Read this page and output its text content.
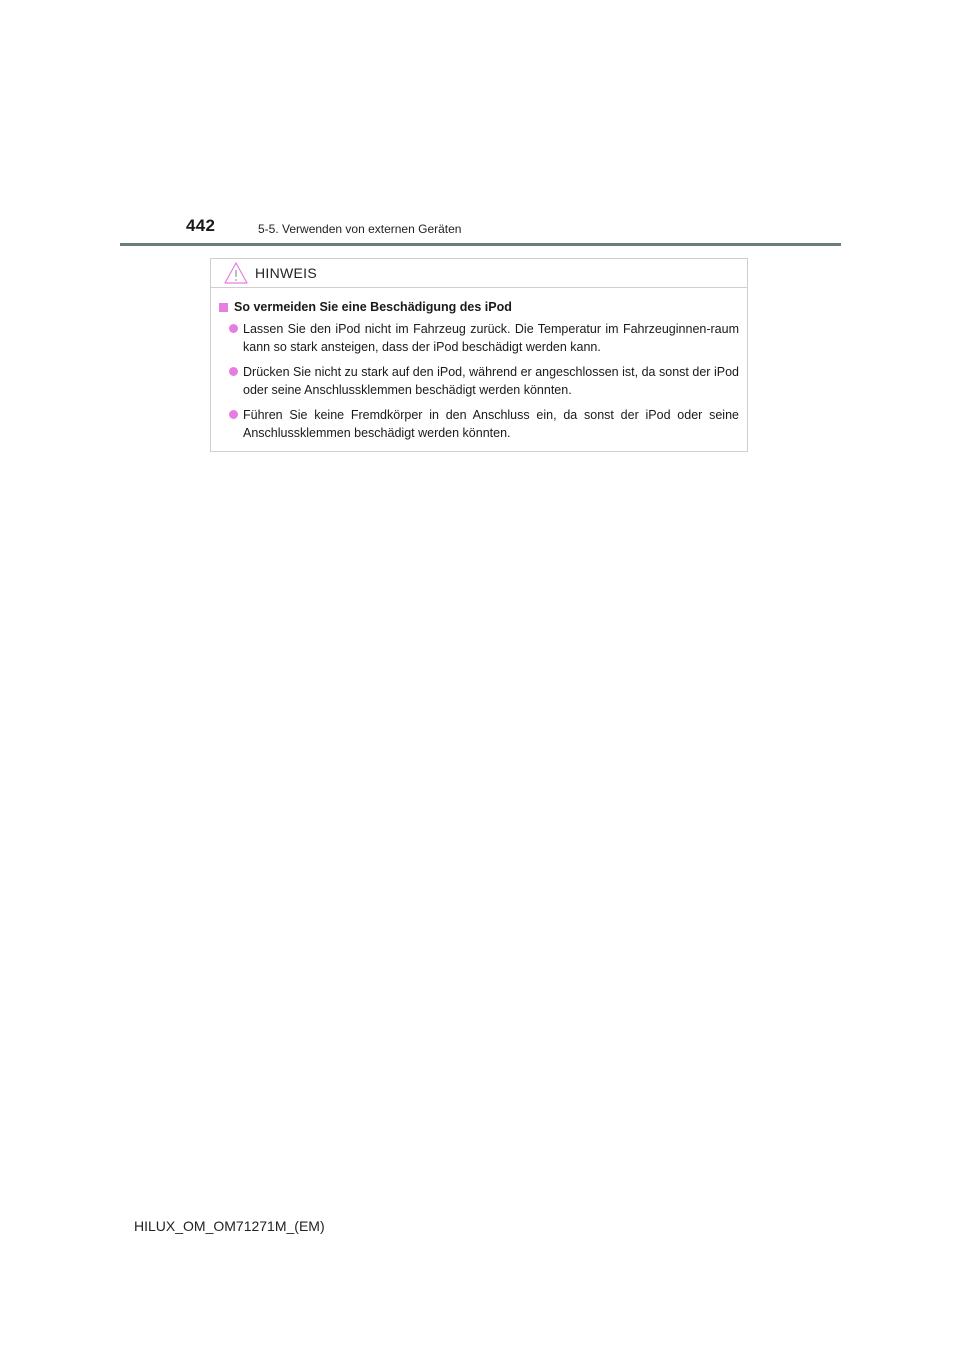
442	5-5. Verwenden von externen Geräten
HINWEIS
So vermeiden Sie eine Beschädigung des iPod
Lassen Sie den iPod nicht im Fahrzeug zurück. Die Temperatur im Fahrzeuginnen-raum kann so stark ansteigen, dass der iPod beschädigt werden kann.
Drücken Sie nicht zu stark auf den iPod, während er angeschlossen ist, da sonst der iPod oder seine Anschlussklemmen beschädigt werden könnten.
Führen Sie keine Fremdkörper in den Anschluss ein, da sonst der iPod oder seine Anschlussklemmen beschädigt werden könnten.
HILUX_OM_OM71271M_(EM)
